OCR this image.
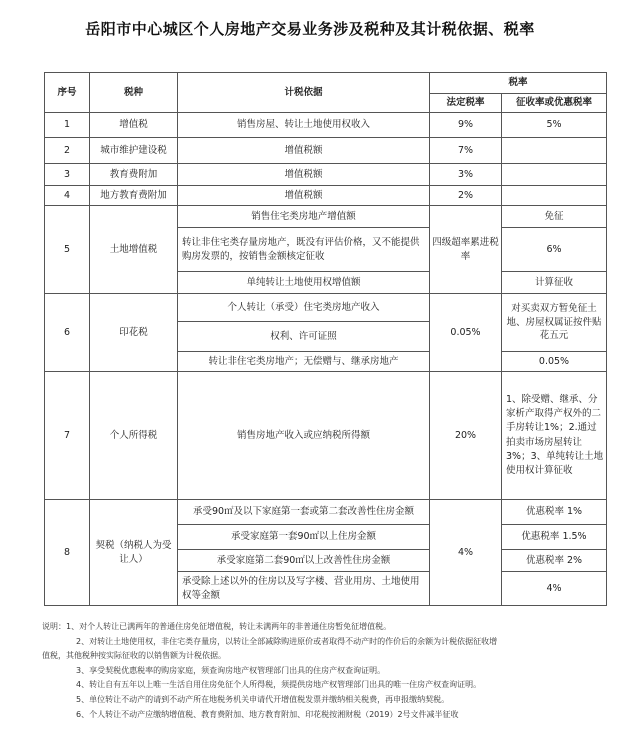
岳阳市中心城区个人房地产交易业务涉及税种及其计税依据、税率
序号	税种	计税依据	税率	
			法定税率	征收率或优惠税率
1	增值税	销售房屋、转让土地使用权收入	9%	5%
2	城市维护建设税	增值税额	7%	
3	教育费附加	增值税额	3%	
4	地方教育费附加	增值税额	2%	
5	土地增值税	销售住宅类房地产增值额	四级超率累进税率	免征
		转让非住宅类存量房地产，既没有评估价格，又不能提供购房发票的，按销售金额核定征收		6%
		单纯转让土地使用权增值额		计算征收
6	印花税	个人转让（承受）住宅类房地产收入	0.05%	对买卖双方暂免征土地、房屋权属证按件贴花五元
		权利、许可证照		
		转让非住宅类房地产；无偿赠与、继承房地产		0.05%
7	个人所得税	销售房地产收入或应纳税所得额	20%	1、除受赠、继承、分家析产取得产权外的二手房转让1%；2.通过拍卖市场房屋转让3%；3、单纯转让土地使用权计算征收
8	契税（纳税人为受让人）	承受90㎡及以下家庭第一套或第二套改善性住房金额	4%	优惠税率 1%
		承受家庭第一套90㎡以上住房金额		优惠税率 1.5%
		承受家庭第二套90㎡以上改善性住房金额		优惠税率 2%
		承受除上述以外的住房以及写字楼、营业用房、土地使用权等金额		4%

说明：1、对个人转让已满两年的普通住房免征增值税，转让未满两年的非普通住房暂免征增值税。

2、对转让土地使用权，非住宅类存量房，以转让全部减除购进原价或者取得不动产时的作价后的余额为计税依据征收增

值税，其他税种按实际征收的以销售额为计税依据。

3、享受契税优惠税率的购房家庭，须查询房地产权管理部门出具的住房产权查询证明。

4、转让自有五年以上唯一生活自用住房免征个人所得税，须提供房地产权管理部门出具的唯一住房产权查询证明。

5、单位转让不动产的请到不动产所在地税务机关申请代开增值税发票并缴纳相关税费，再申报缴纳契税。

6、个人转让不动产应缴纳增值税、教育费附加、地方教育附加、印花税按湘财税（2019）2号文件减半征收
